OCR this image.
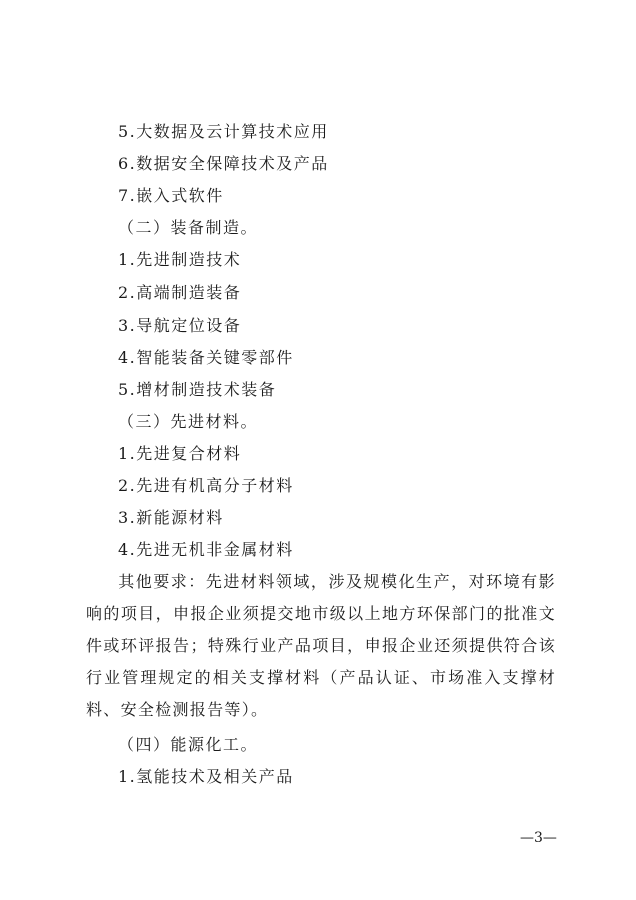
5.大数据及云计算技术应用
6.数据安全保障技术及产品
7.嵌入式软件
（二）装备制造。
1.先进制造技术
2.高端制造装备
3.导航定位设备
4.智能装备关键零部件
5.增材制造技术装备
（三）先进材料。
1.先进复合材料
2.先进有机高分子材料
3.新能源材料
4.先进无机非金属材料
其他要求：先进材料领域，涉及规模化生产，对环境有影响的项目，申报企业须提交地市级以上地方环保部门的批准文件或环评报告；特殊行业产品项目，申报企业还须提供符合该行业管理规定的相关支撑材料（产品认证、市场准入支撑材料、安全检测报告等）。
（四）能源化工。
1.氢能技术及相关产品
—3—
